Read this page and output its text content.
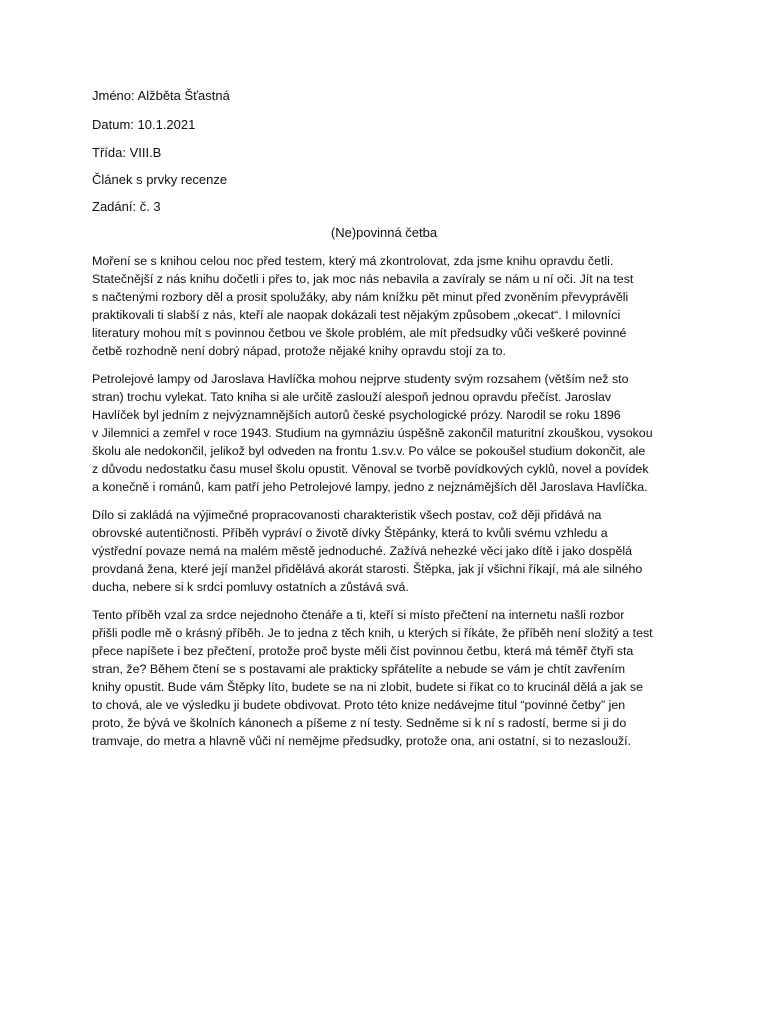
Jméno: Alžběta Šťastná
Datum: 10.1.2021
Třída: VIII.B
Článek s prvky recenze
Zadání: č. 3
(Ne)povinná četba

Moření se s knihou celou noc před testem, který má zkontrolovat, zda jsme knihu opravdu četli.
Statečnější z nás knihu dočetli i přes to, jak moc nás nebavila a zavíraly se nám u ní oči. Jít na test
s načtenými rozbory děl a prosit spolužáky, aby nám knížku pět minut před zvoněním převyprávěli
praktikovali ti slabší z nás, kteří ale naopak dokázali test nějakým způsobem „okecat“. I milovníci
literatury mohou mít s povinnou četbou ve škole problém, ale mít předsudky vůči veškeré povinné
četbě rozhodně není dobrý nápad, protože nějaké knihy opravdu stojí za to.

Petrolejové lampy od Jaroslava Havlíčka mohou nejprve studenty svým rozsahem (větším než sto
stran) trochu vylekat. Tato kniha si ale určitě zaslouží alespoň jednou opravdu přečíst. Jaroslav
Havlíček byl jedním z nejvýznamnějších autorů české psychologické prózy. Narodil se roku 1896
v Jilemnici a zemřel v roce 1943. Studium na gymnáziu úspěšně zakončil maturitní zkouškou, vysokou
školu ale nedokončil, jelikož byl odveden na frontu 1.sv.v. Po válce se pokoušel studium dokončit, ale
z důvodu nedostatku času musel školu opustit. Věnoval se tvorbě povídkových cyklů, novel a povídek
a konečně i románů, kam patří jeho Petrolejové lampy, jedno z nejznámějších děl Jaroslava Havlíčka.

Dílo si zakládá na výjimečné propracovanosti charakteristik všech postav, což ději přidává na
obrovské autentičnosti. Příběh vypráví o životě dívky Štěpánky, která to kvůli svému vzhledu a
výstřední povaze nemá na malém městě jednoduché. Zažívá nehezké věci jako dítě i jako dospělá
provdaná žena, které její manžel přidělává akorát starosti. Štěpka, jak jí všichni říkají, má ale silného
ducha, nebere si k srdci pomluvy ostatních a zůstává svá.

Tento příběh vzal za srdce nejednoho čtenáře a ti, kteří si místo přečtení na internetu našli rozbor
přišli podle mě o krásný příběh. Je to jedna z těch knih, u kterých si říkáte, že příběh není složitý a test
přece napíšete i bez přečtení, protože proč byste měli číst povinnou četbu, která má téměř čtyři sta
stran, že? Během čtení se s postavami ale prakticky spřátelíte a nebude se vám je chtít zavřením
knihy opustit. Bude vám Štěpky líto, budete se na ni zlobit, budete si říkat co to krucinál dělá a jak se
to chová, ale ve výsledku ji budete obdivovat. Proto této knize nedávejme titul “povinné četby” jen
proto, že bývá ve školních kánonech a píšeme z ní testy. Sedněme si k ní s radostí, berme si ji do
tramvaje, do metra a hlavně vůči ní nemějme předsudky, protože ona, ani ostatní, si to nezaslouží.
